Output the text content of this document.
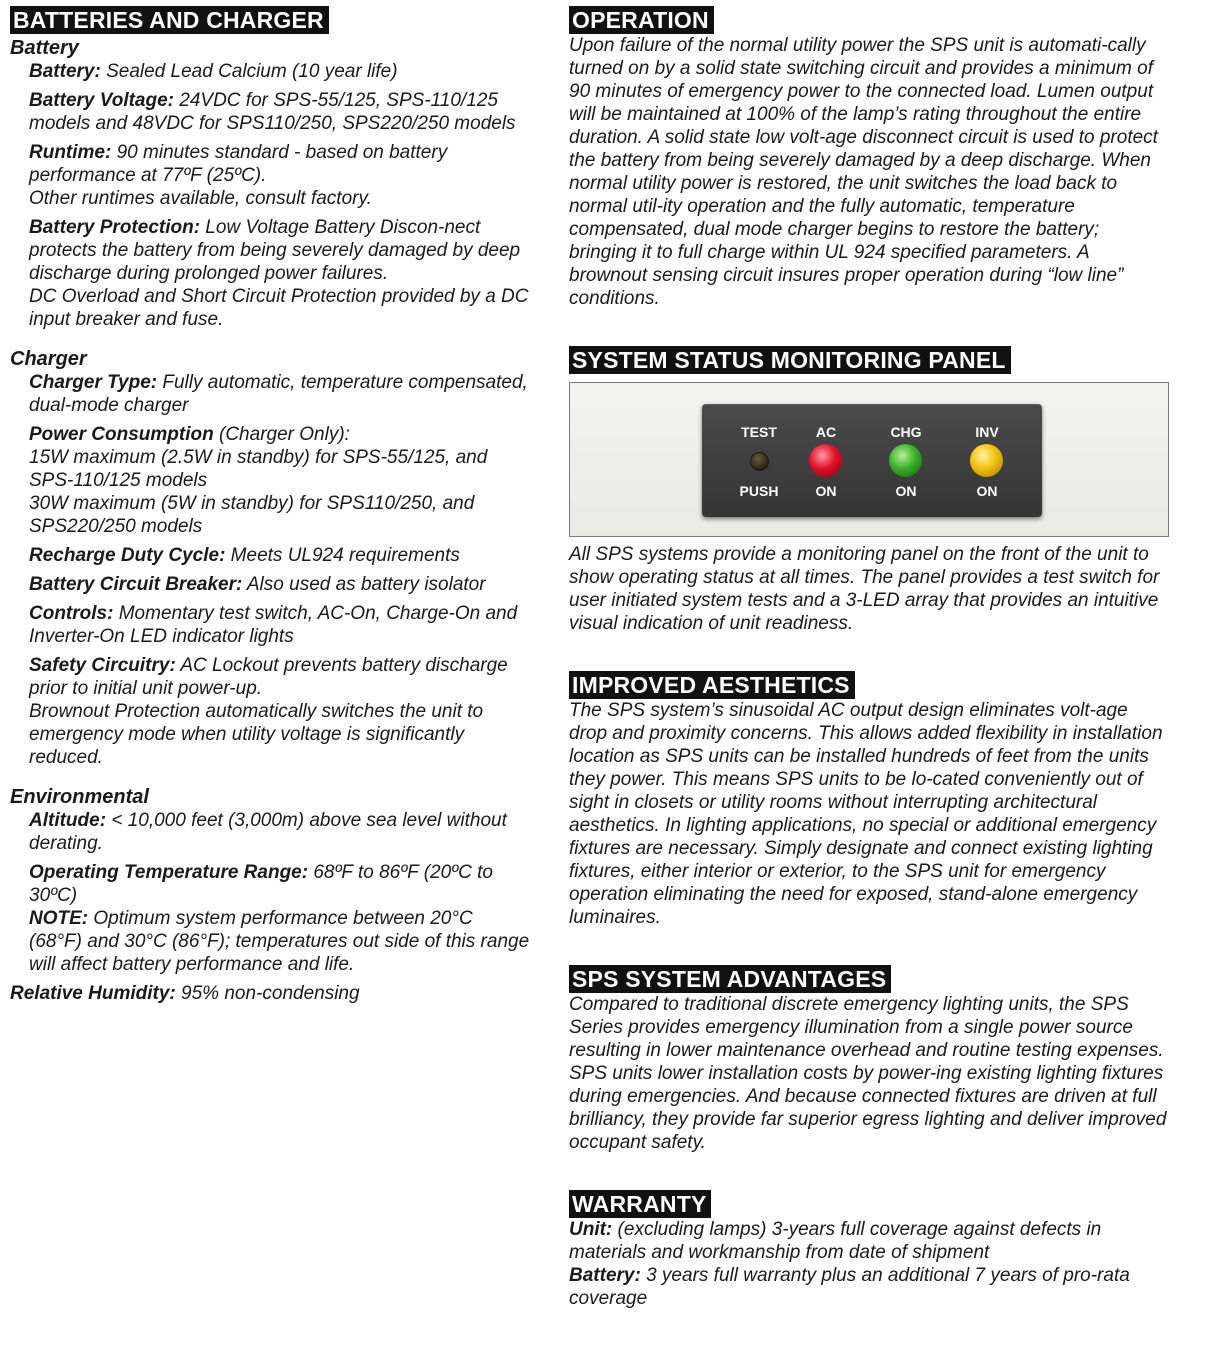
BATTERIES AND CHARGER
Battery
Battery: Sealed Lead Calcium (10 year life)
Battery Voltage: 24VDC for SPS-55/125, SPS-110/125 models and 48VDC for SPS110/250, SPS220/250 models
Runtime: 90 minutes standard - based on battery performance at 77ºF (25ºC).
Other runtimes available, consult factory.
Battery Protection: Low Voltage Battery Discon-nect protects the battery from being severely damaged by deep discharge during prolonged power failures.
DC Overload and Short Circuit Protection provided by a DC input breaker and fuse.
Charger
Charger Type: Fully automatic, temperature compensated, dual-mode charger
Power Consumption (Charger Only):
15W maximum (2.5W in standby) for SPS-55/125, and SPS-110/125 models
30W maximum (5W in standby) for SPS110/250, and SPS220/250 models
Recharge Duty Cycle: Meets UL924 requirements
Battery Circuit Breaker: Also used as battery isolator
Controls: Momentary test switch, AC-On, Charge-On and Inverter-On LED indicator lights
Safety Circuitry: AC Lockout prevents battery discharge prior to initial unit power-up.
Brownout Protection automatically switches the unit to emergency mode when utility voltage is significantly reduced.
Environmental
Altitude: < 10,000 feet (3,000m) above sea level without derating.
Operating Temperature Range: 68ºF to 86ºF (20ºC to 30ºC)
NOTE: Optimum system performance between 20°C (68°F) and 30°C (86°F); temperatures out side of this range will affect battery performance and life.
Relative Humidity: 95% non-condensing
OPERATION

Upon failure of the normal utility power the SPS unit is automati-cally turned on by a solid state switching circuit and provides a minimum of 90 minutes of emergency power to the connected load. Lumen output will be maintained at 100% of the lamp’s rating throughout the entire duration. A solid state low volt-age disconnect circuit is used to protect the battery from being severely damaged by a deep discharge. When normal utility power is restored, the unit switches the load back to normal util-ity operation and the fully automatic, temperature compensated, dual mode charger begins to restore the battery; bringing it to full charge within UL 924 specified parameters. A brownout sensing circuit insures proper operation during “low line” conditions.

SYSTEM STATUS MONITORING PANEL
TEST
PUSH
AC
ON
CHG
ON
INV
ON

All SPS systems provide a monitoring panel on the front of the unit to show operating status at all times. The panel provides a test switch for user initiated system tests and a 3-LED array that provides an intuitive visual indication of unit readiness.

IMPROVED AESTHETICS

The SPS system’s sinusoidal AC output design eliminates volt-age drop and proximity concerns. This allows added flexibility in installation location as SPS units can be installed hundreds of feet from the units they power. This means SPS units to be lo-cated conveniently out of sight in closets or utility rooms without interrupting architectural aesthetics. In lighting applications, no special or additional emergency fixtures are necessary. Simply designate and connect existing lighting fixtures, either interior or exterior, to the SPS unit for emergency operation eliminating the need for exposed, stand-alone emergency luminaires.

SPS SYSTEM ADVANTAGES

Compared to traditional discrete emergency lighting units, the SPS Series provides emergency illumination from a single power source resulting in lower maintenance overhead and routine testing expenses. SPS units lower installation costs by power-ing existing lighting fixtures during emergencies. And because connected fixtures are driven at full brilliancy, they provide far superior egress lighting and deliver improved occupant safety.

WARRANTY

Unit: (excluding lamps) 3-years full coverage against defects in materials and workmanship from date of shipment

Battery: 3 years full warranty plus an additional 7 years of pro-rata coverage
